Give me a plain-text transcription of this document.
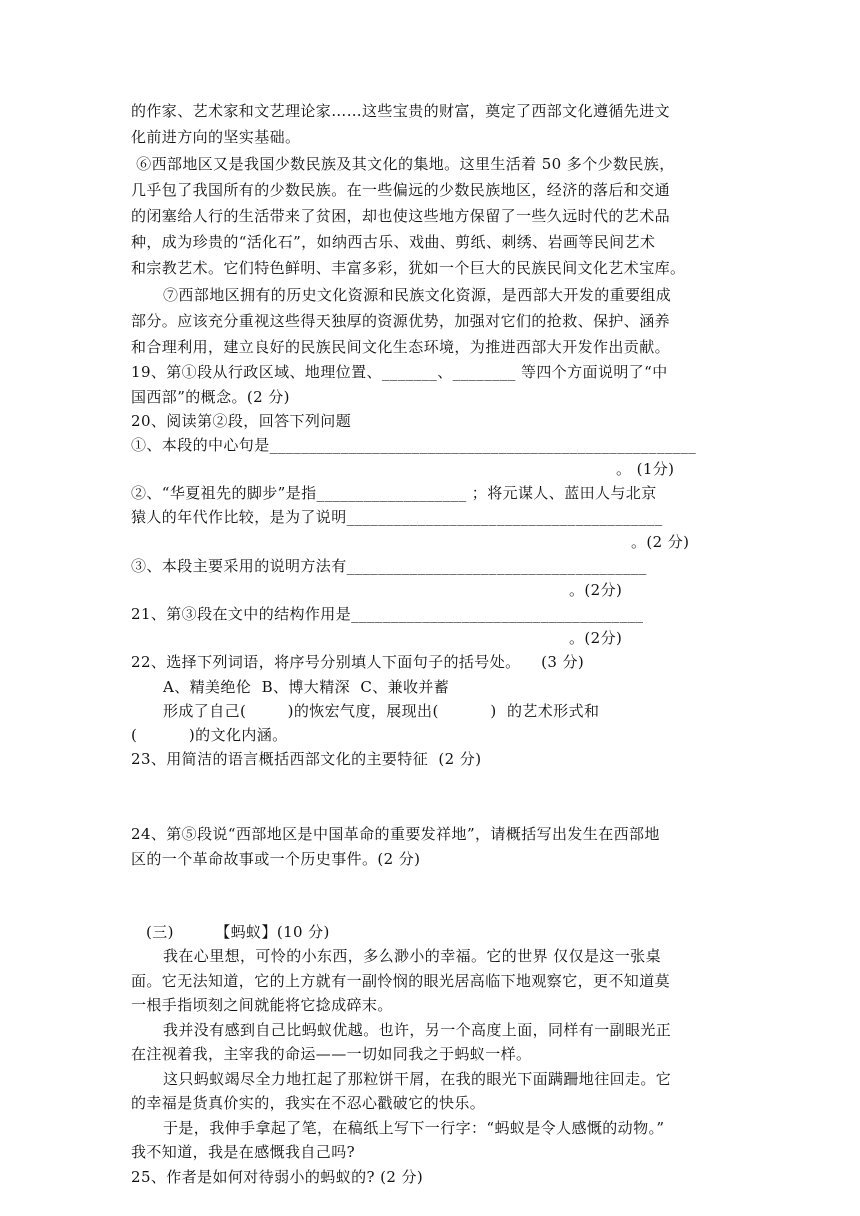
的作家、艺术家和文艺理论家……这些宝贵的财富，奠定了西部文化遵循先进文
化前进方向的坚实基础。
⑥西部地区又是我国少数民族及其文化的集地。这里生活着 50 多个少数民族，
几乎包了我国所有的少数民族。在一些偏远的少数民族地区，经济的落后和交通
的闭塞给人行的生活带来了贫困，却也使这些地方保留了一些久远时代的艺术品
种，成为珍贵的“活化石”，如纳西古乐、戏曲、剪纸、刺绣、岩画等民间艺术
和宗教艺术。它们特色鲜明、丰富多彩，犹如一个巨大的民族民间文化艺术宝库。
⑦西部地区拥有的历史文化资源和民族文化资源，是西部大开发的重要组成
部分。应该充分重视这些得天独厚的资源优势，加强对它们的抢救、保护、涵养
和合理利用，建立良好的民族民间文化生态环境，为推进西部大开发作出贡献。
19、第①段从行政区域、地理位置、_______、________ 等四个方面说明了“中
国西部”的概念。(2 分)
20、阅读第②段，回答下列问题
①、本段的中心句是______________________________________________________
。 (1分)
②、“华夏祖先的脚步”是指___________________ ；将元谋人、蓝田人与北京
猿人的年代作比较，是为了说明________________________________________
。(2 分)
③、本段主要采用的说明方法有______________________________________
。(2分)
21、第③段在文中的结构作用是_____________________________________
。(2分)
22、选择下列词语，将序号分别填人下面句子的括号处。    (3 分)
A、精美绝伦  B、博大精深  C、兼收并蓄
形成了自己(        )的恢宏气度，展现出(          )  的艺术形式和
(          )的文化内涵。
23、用简洁的语言概括西部文化的主要特征  (2 分)
24、第⑤段说“西部地区是中国革命的重要发祥地”，请概括写出发生在西部地
区的一个革命故事或一个历史事件。(2 分)
(三)        【蚂蚁】(10 分)
我在心里想，可怜的小东西，多么渺小的幸福。它的世界 仅仅是这一张桌
面。它无法知道，它的上方就有一副怜悯的眼光居高临下地观察它，更不知道莫
一根手指顷刻之间就能将它捻成碎末。
我并没有感到自己比蚂蚁优越。也许，另一个高度上面，同样有一副眼光正
在注视着我，主宰我的命运——一切如同我之于蚂蚁一样。
这只蚂蚁竭尽全力地扛起了那粒饼干屑，在我的眼光下面蹒跚地往回走。它
的幸福是货真价实的，我实在不忍心戳破它的快乐。
于是，我伸手拿起了笔，在稿纸上写下一行字：“蚂蚁是令人感慨的动物。”
我不知道，我是在感慨我自己吗?
25、作者是如何对待弱小的蚂蚁的? (2 分)
